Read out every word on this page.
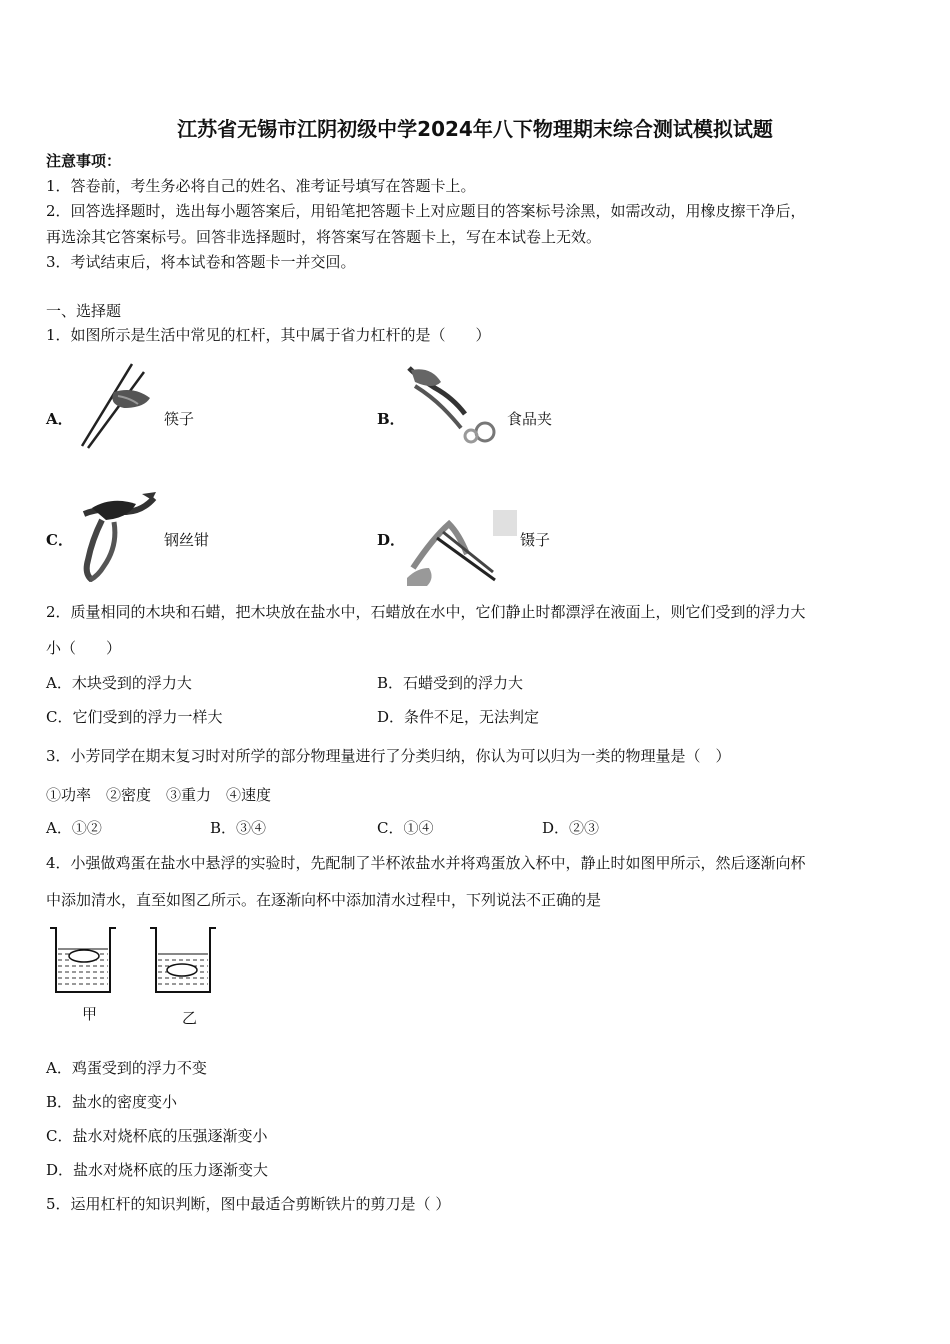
江苏省无锡市江阴初级中学2024年八下物理期末综合测试模拟试题
注意事项：
1．答卷前，考生务必将自己的姓名、准考证号填写在答题卡上。
2．回答选择题时，选出每小题答案后，用铅笔把答题卡上对应题目的答案标号涂黑，如需改动，用橡皮擦干净后，
再选涂其它答案标号。回答非选择题时，将答案写在答题卡上，写在本试卷上无效。
3．考试结束后，将本试卷和答题卡一并交回。
一、选择题
1．如图所示是生活中常见的杠杆，其中属于省力杠杆的是（　　）
A．	筷子	B．	食品夹
C．	钢丝钳	D．	镊子
2．质量相同的木块和石蜡，把木块放在盐水中，石蜡放在水中，它们静止时都漂浮在液面上，则它们受到的浮力大
小（　　）
A．木块受到的浮力大	B．石蜡受到的浮力大
C．它们受到的浮力一样大	D．条件不足，无法判定
3．小芳同学在期末复习时对所学的部分物理量进行了分类归纳，你认为可以归为一类的物理量是（　）
①功率　②密度　③重力　④速度
A．①②	B．③④	C．①④	D．②③
4．小强做鸡蛋在盐水中悬浮的实验时，先配制了半杯浓盐水并将鸡蛋放入杯中，静止时如图甲所示，然后逐渐向杯
中添加清水，直至如图乙所示。在逐渐向杯中添加清水过程中，下列说法不正确的是
甲	乙
A．鸡蛋受到的浮力不变
B．盐水的密度变小
C．盐水对烧杯底的压强逐渐变小
D．盐水对烧杯底的压力逐渐变大
5．运用杠杆的知识判断，图中最适合剪断铁片的剪刀是（ ）
